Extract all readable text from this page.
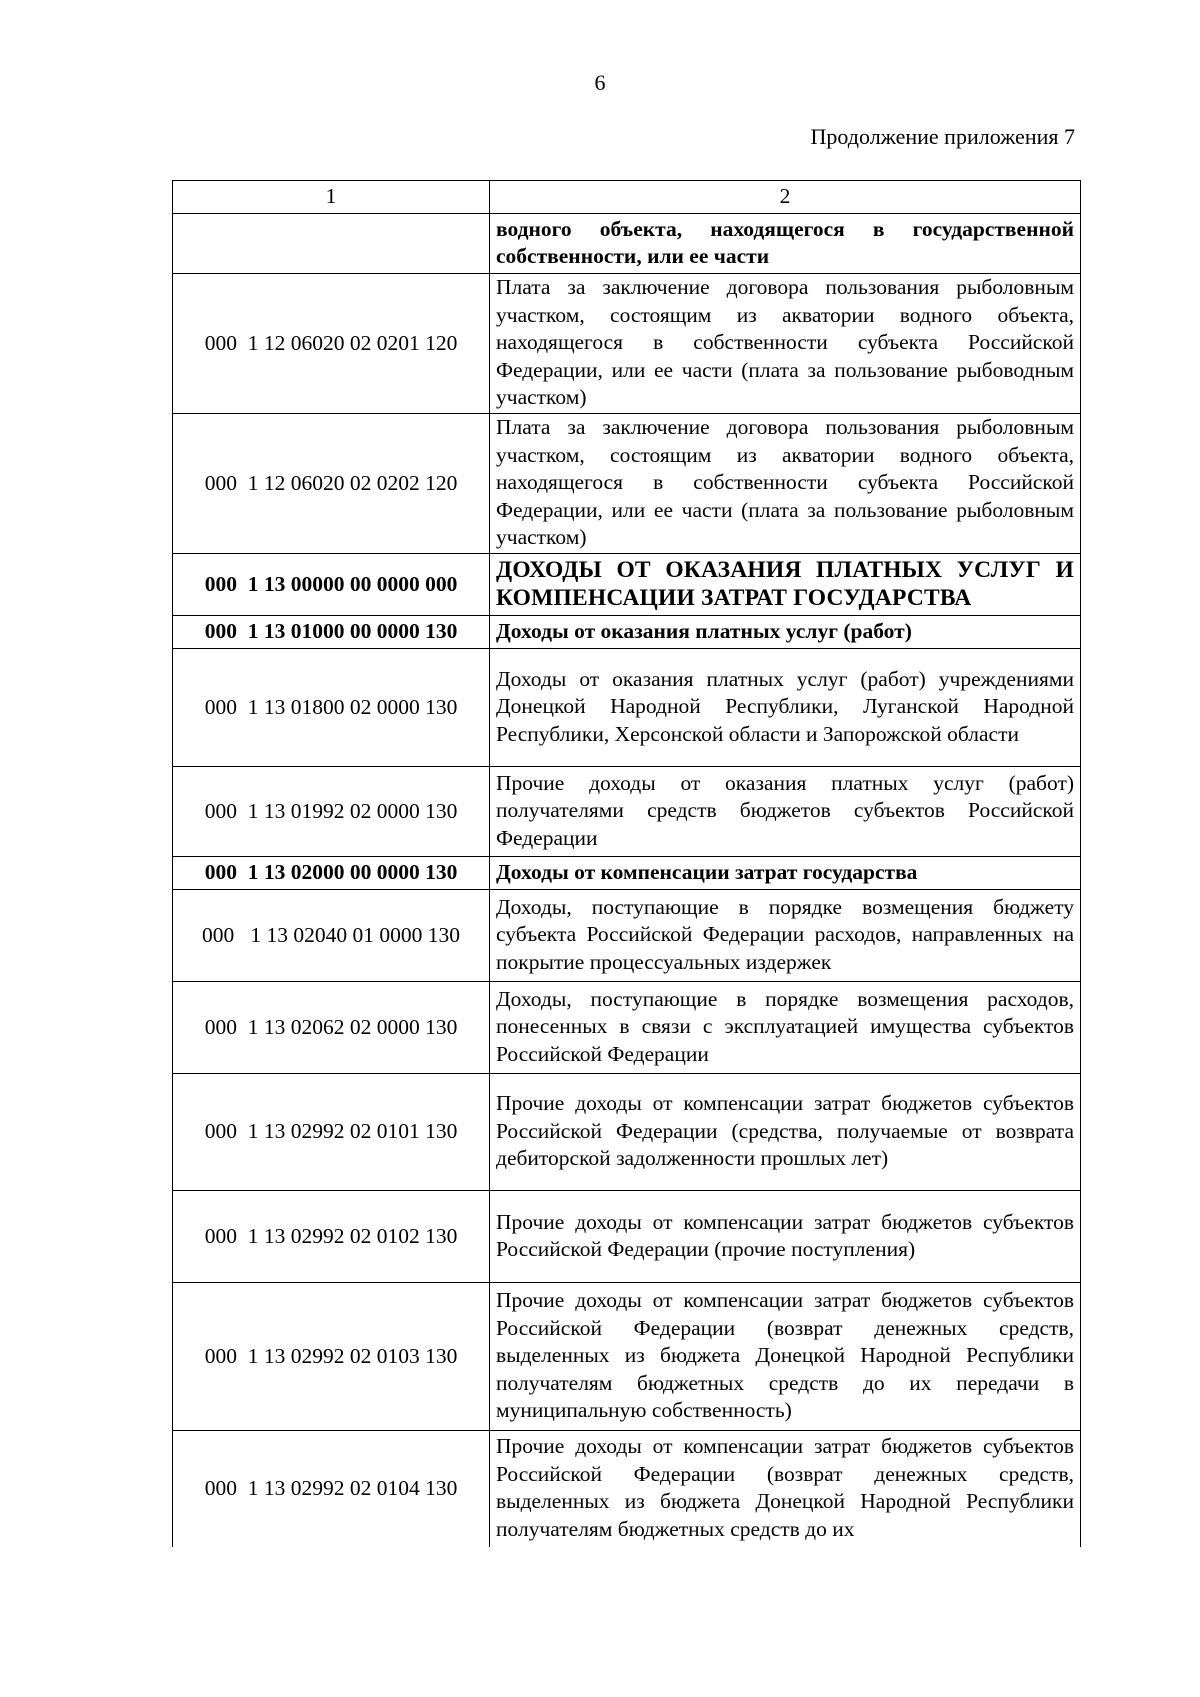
6
Продолжение приложения 7
1	2
	водного объекта, находящегося в государственной собственности, или ее части
000  1 12 06020 02 0201 120	Плата за заключение договора пользования рыболовным участком, состоящим из акватории водного объекта, находящегося в собственности субъекта Российской Федерации, или ее части (плата за пользование рыбоводным участком)
000  1 12 06020 02 0202 120	Плата за заключение договора пользования рыболовным участком, состоящим из акватории водного объекта, находящегося в собственности субъекта Российской Федерации, или ее части (плата за пользование рыболовным участком)
000  1 13 00000 00 0000 000	ДОХОДЫ ОТ ОКАЗАНИЯ ПЛАТНЫХ УСЛУГ И КОМПЕНСАЦИИ ЗАТРАТ ГОСУДАРСТВА
000  1 13 01000 00 0000 130	Доходы от оказания платных услуг (работ)
000  1 13 01800 02 0000 130	Доходы от оказания платных услуг (работ) учреждениями Донецкой Народной Республики, Луганской Народной Республики, Херсонской области и Запорожской области
000  1 13 01992 02 0000 130	Прочие доходы от оказания платных услуг (работ) получателями средств бюджетов субъектов Российской Федерации
000  1 13 02000 00 0000 130	Доходы от компенсации затрат государства
000   1 13 02040 01 0000 130	Доходы, поступающие в порядке возмещения бюджету субъекта Российской Федерации расходов, направленных на покрытие процессуальных издержек
000  1 13 02062 02 0000 130	Доходы, поступающие в порядке возмещения расходов, понесенных в связи с эксплуатацией имущества субъектов Российской Федерации
000  1 13 02992 02 0101 130	Прочие доходы от компенсации затрат бюджетов субъектов Российской Федерации (средства, получаемые от возврата дебиторской задолженности прошлых лет)
000  1 13 02992 02 0102 130	Прочие доходы от компенсации затрат бюджетов субъектов Российской Федерации (прочие поступления)
000  1 13 02992 02 0103 130	Прочие доходы от компенсации затрат бюджетов субъектов Российской Федерации (возврат денежных средств, выделенных из бюджета Донецкой Народной Республики получателям бюджетных средств до их передачи в муниципальную собственность)
000  1 13 02992 02 0104 130	Прочие доходы от компенсации затрат бюджетов субъектов Российской Федерации (возврат денежных средств, выделенных из бюджета Донецкой Народной Республики получателям бюджетных средств до их
